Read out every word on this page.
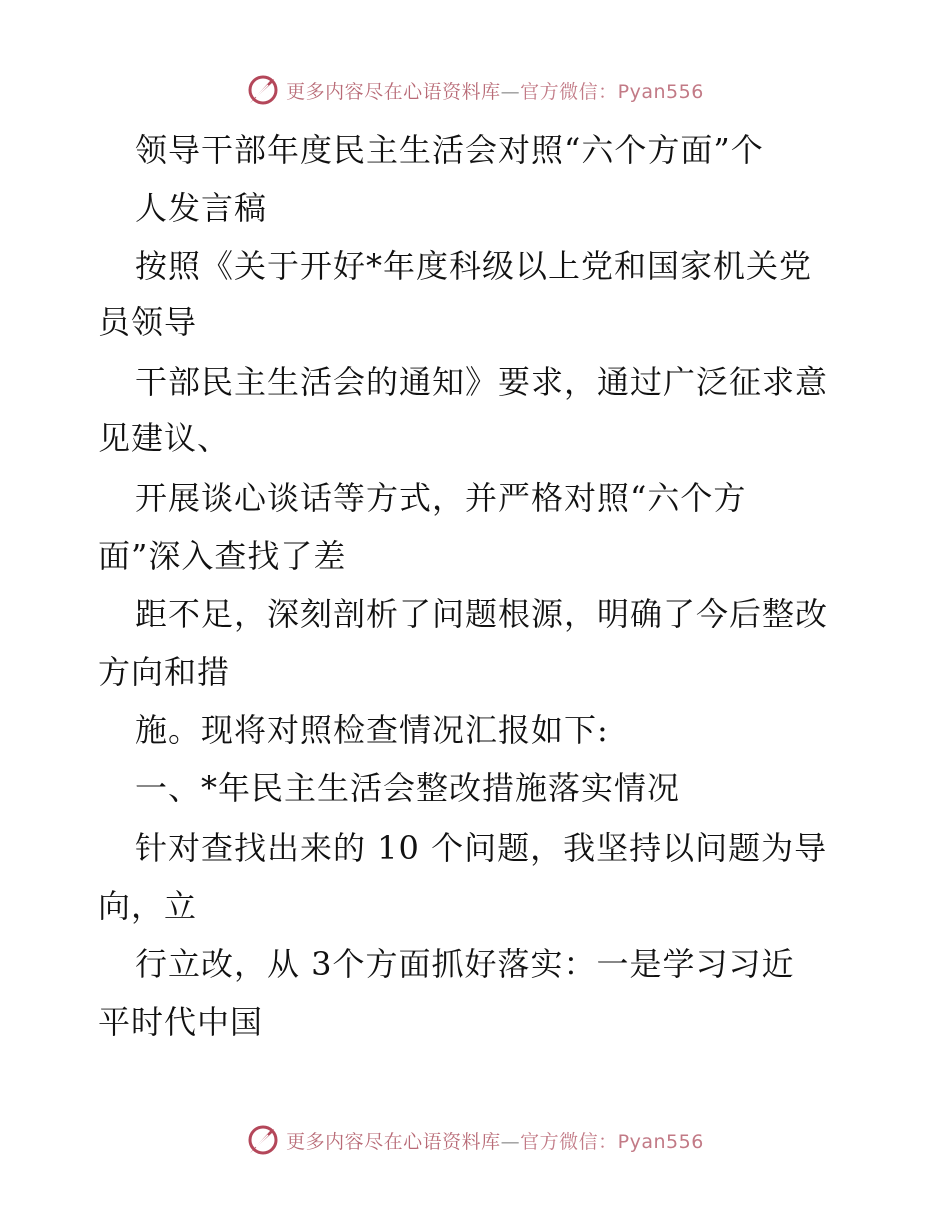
更多内容尽在心语资料库—官方微信：Pyan556
领导干部年度民主生活会对照“六个方面”个
人发言稿
按照《关于开好*年度科级以上党和国家机关党
员领导
干部民主生活会的通知》要求，通过广泛征求意
见建议、
开展谈心谈话等方式，并严格对照“六个方
面”深入查找了差
距不足，深刻剖析了问题根源，明确了今后整改
方向和措
施。现将对照检查情况汇报如下:
一、*年民主生活会整改措施落实情况
针对查找出来的 10 个问题，我坚持以问题为导
向，立
行立改，从 3个方面抓好落实：一是学习习近
平时代中国
更多内容尽在心语资料库—官方微信：Pyan556
